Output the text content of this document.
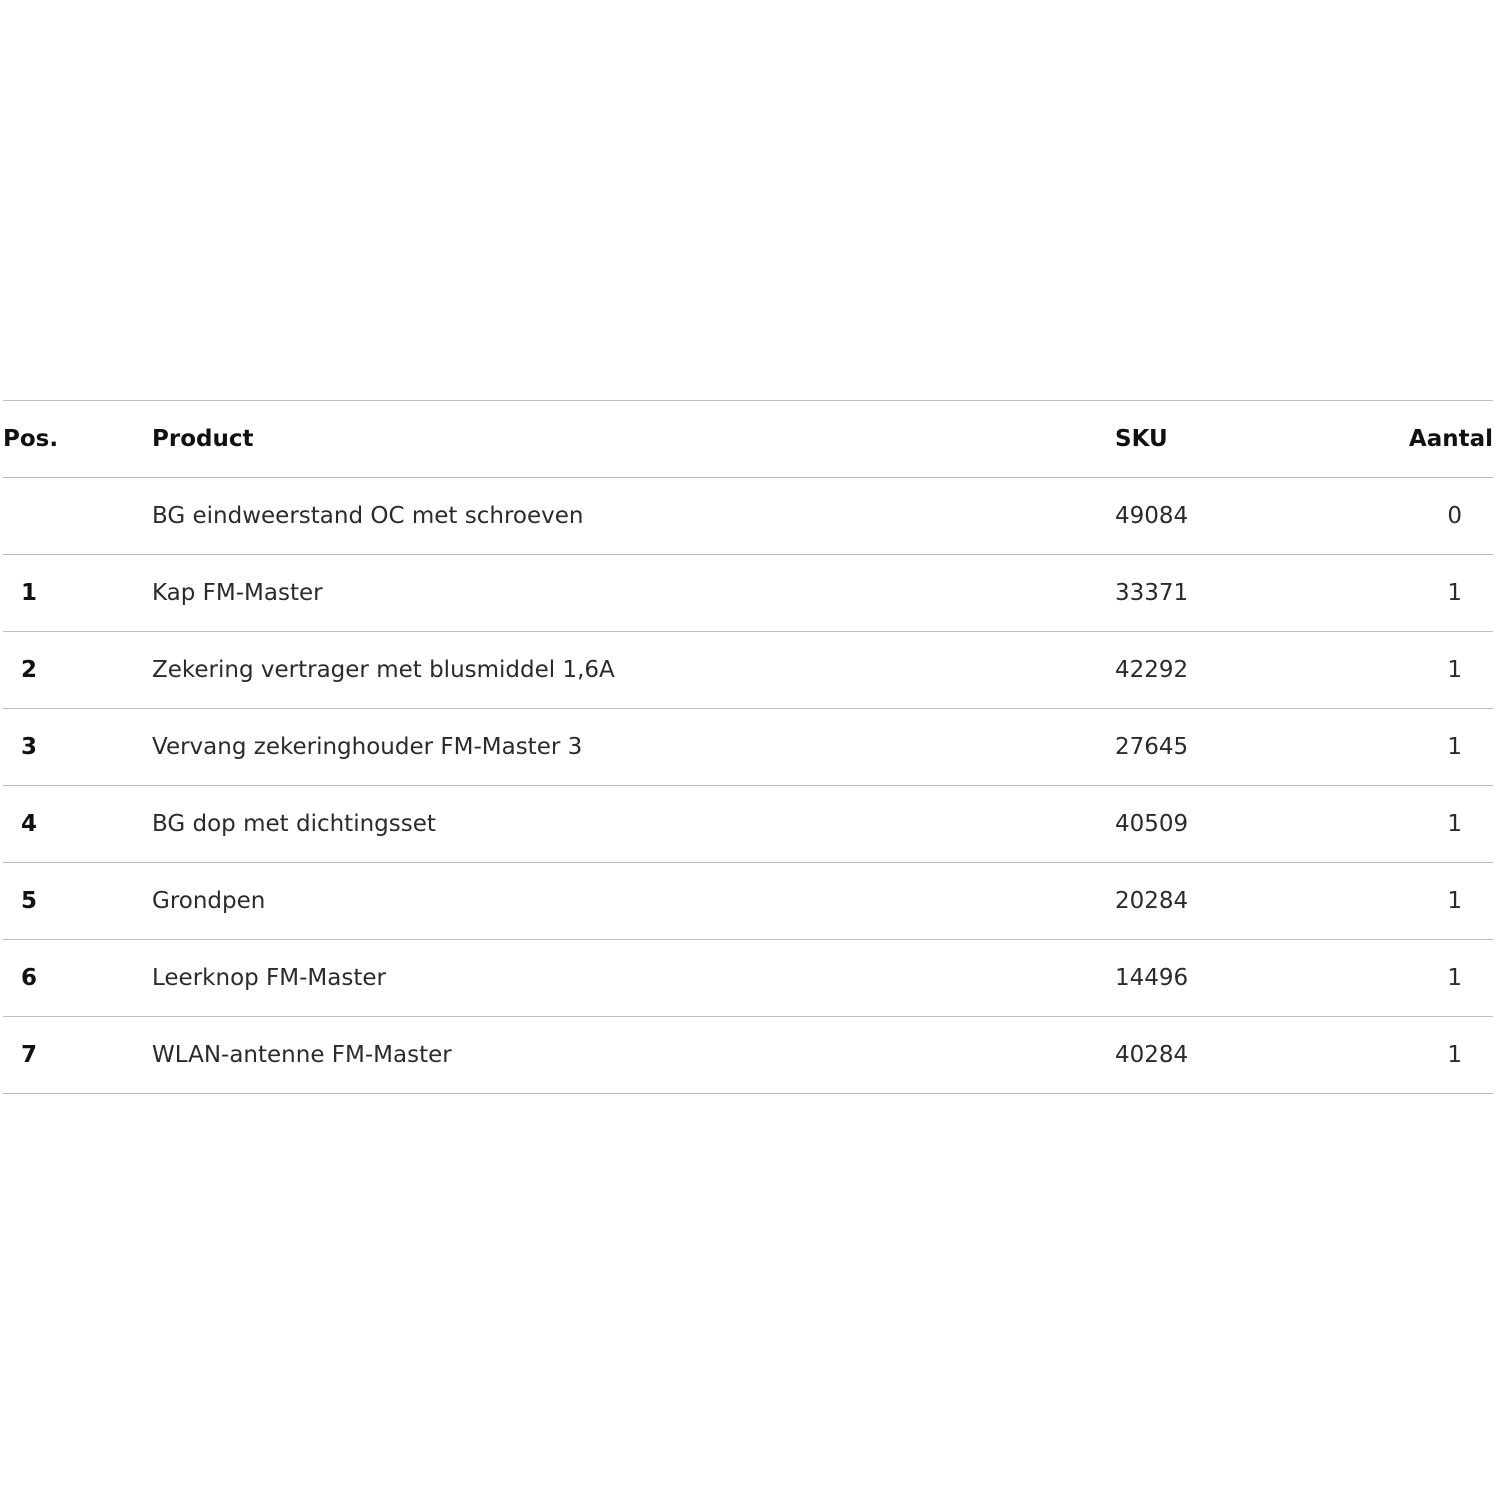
Pos.	Product	SKU	Aantal
	BG eindweerstand OC met schroeven	49084	0
1	Kap FM-Master	33371	1
2	Zekering vertrager met blusmiddel 1,6A	42292	1
3	Vervang zekeringhouder FM-Master 3	27645	1
4	BG dop met dichtingsset	40509	1
5	Grondpen	20284	1
6	Leerknop FM-Master	14496	1
7	WLAN-antenne FM-Master	40284	1
